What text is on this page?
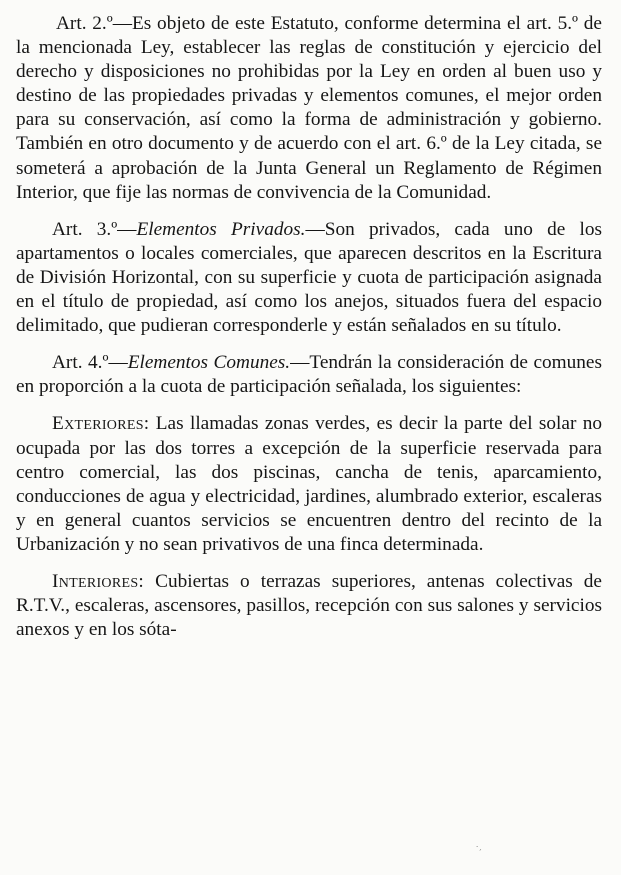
Art. 2.º—Es objeto de este Estatuto, conforme determina el art. 5.º de la mencionada Ley, establecer las reglas de constitución y ejercicio del derecho y disposiciones no prohibidas por la Ley en orden al buen uso y destino de las propiedades privadas y elementos comunes, el mejor orden para su conservación, así como la forma de administración y gobierno. También en otro documento y de acuerdo con el art. 6.º de la Ley citada, se someterá a aprobación de la Junta General un Reglamento de Régimen Interior, que fije las normas de convivencia de la Comunidad.

Art. 3.º—Elementos Privados.—Son privados, cada uno de los apartamentos o locales comerciales, que aparecen descritos en la Escritura de División Horizontal, con su superficie y cuota de participación asignada en el título de propiedad, así como los anejos, situados fuera del espacio delimitado, que pudieran corresponderle y están señalados en su título.

Art. 4.º—Elementos Comunes.—Tendrán la consideración de comunes en proporción a la cuota de participación señalada, los siguientes:

Exteriores: Las llamadas zonas verdes, es decir la parte del solar no ocupada por las dos torres a excepción de la superficie reservada para centro comercial, las dos piscinas, cancha de tenis, aparcamiento, conducciones de agua y electricidad, jardines, alumbrado exterior, escaleras y en general cuantos servicios se encuentren dentro del recinto de la Urbanización y no sean privativos de una finca determinada.

Interiores: Cubiertas o terrazas superiores, antenas colectivas de R.T.V., escaleras, ascensores, pasillos, recepción con sus salones y servicios anexos y en los sóta-

·ˏ
